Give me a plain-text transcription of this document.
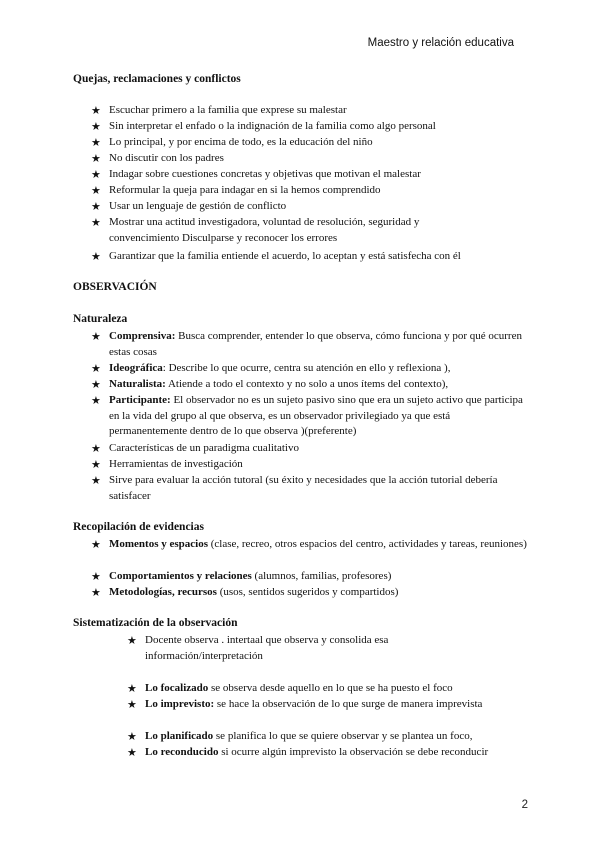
Maestro y relación educativa
Quejas, reclamaciones y conflictos
★ Escuchar primero a la familia que exprese su malestar
★ Sin interpretar el enfado o la indignación de la familia como algo personal
★ Lo principal, y por encima de todo, es la educación del niño
★ No discutir con los padres
★ Indagar sobre cuestiones concretas y objetivas que motivan el malestar
★ Reformular la queja para indagar en si la hemos comprendido
★ Usar un lenguaje de gestión de conflicto
★ Mostrar una actitud investigadora, voluntad de resolución, seguridad y convencimiento Disculparse y reconocer los errores
★ Garantizar que la familia entiende el acuerdo, lo aceptan y está satisfecha con él
OBSERVACIÓN
Naturaleza
★ Comprensiva: Busca comprender, entender lo que observa, cómo funciona y por qué ocurren estas cosas
★ Ideográfica: Describe lo que ocurre, centra su atención en ello y reflexiona ),
★ Naturalista: Atiende a todo el contexto y no solo a unos ítems del contexto),
★ Participante: El observador no es un sujeto pasivo sino que era un sujeto activo que participa en la vida del grupo al que observa, es un observador privilegiado ya que está permanentemente dentro de lo que observa )(preferente)
★ Características de un paradigma cualitativo
★ Herramientas de investigación
★ Sirve para evaluar la acción tutoral (su éxito y necesidades que la acción tutorial debería satisfacer
Recopilación de evidencias
★ Momentos y espacios (clase, recreo, otros espacios del centro, actividades y tareas, reuniones)
★ Comportamientos y relaciones (alumnos, familias, profesores)
★ Metodologías, recursos (usos, sentidos sugeridos y compartidos)
Sistematización de la observación
★ Docente observa . intertaal que observa y consolida esa información/interpretación
★ Lo focalizado se observa desde aquello en lo que se ha puesto el foco
★ Lo imprevisto: se hace la observación de lo que surge de manera imprevista
★ Lo planificado se planifica lo que se quiere observar y se plantea un foco,
★ Lo reconducido si ocurre algún imprevisto la observación se debe reconducir
2
